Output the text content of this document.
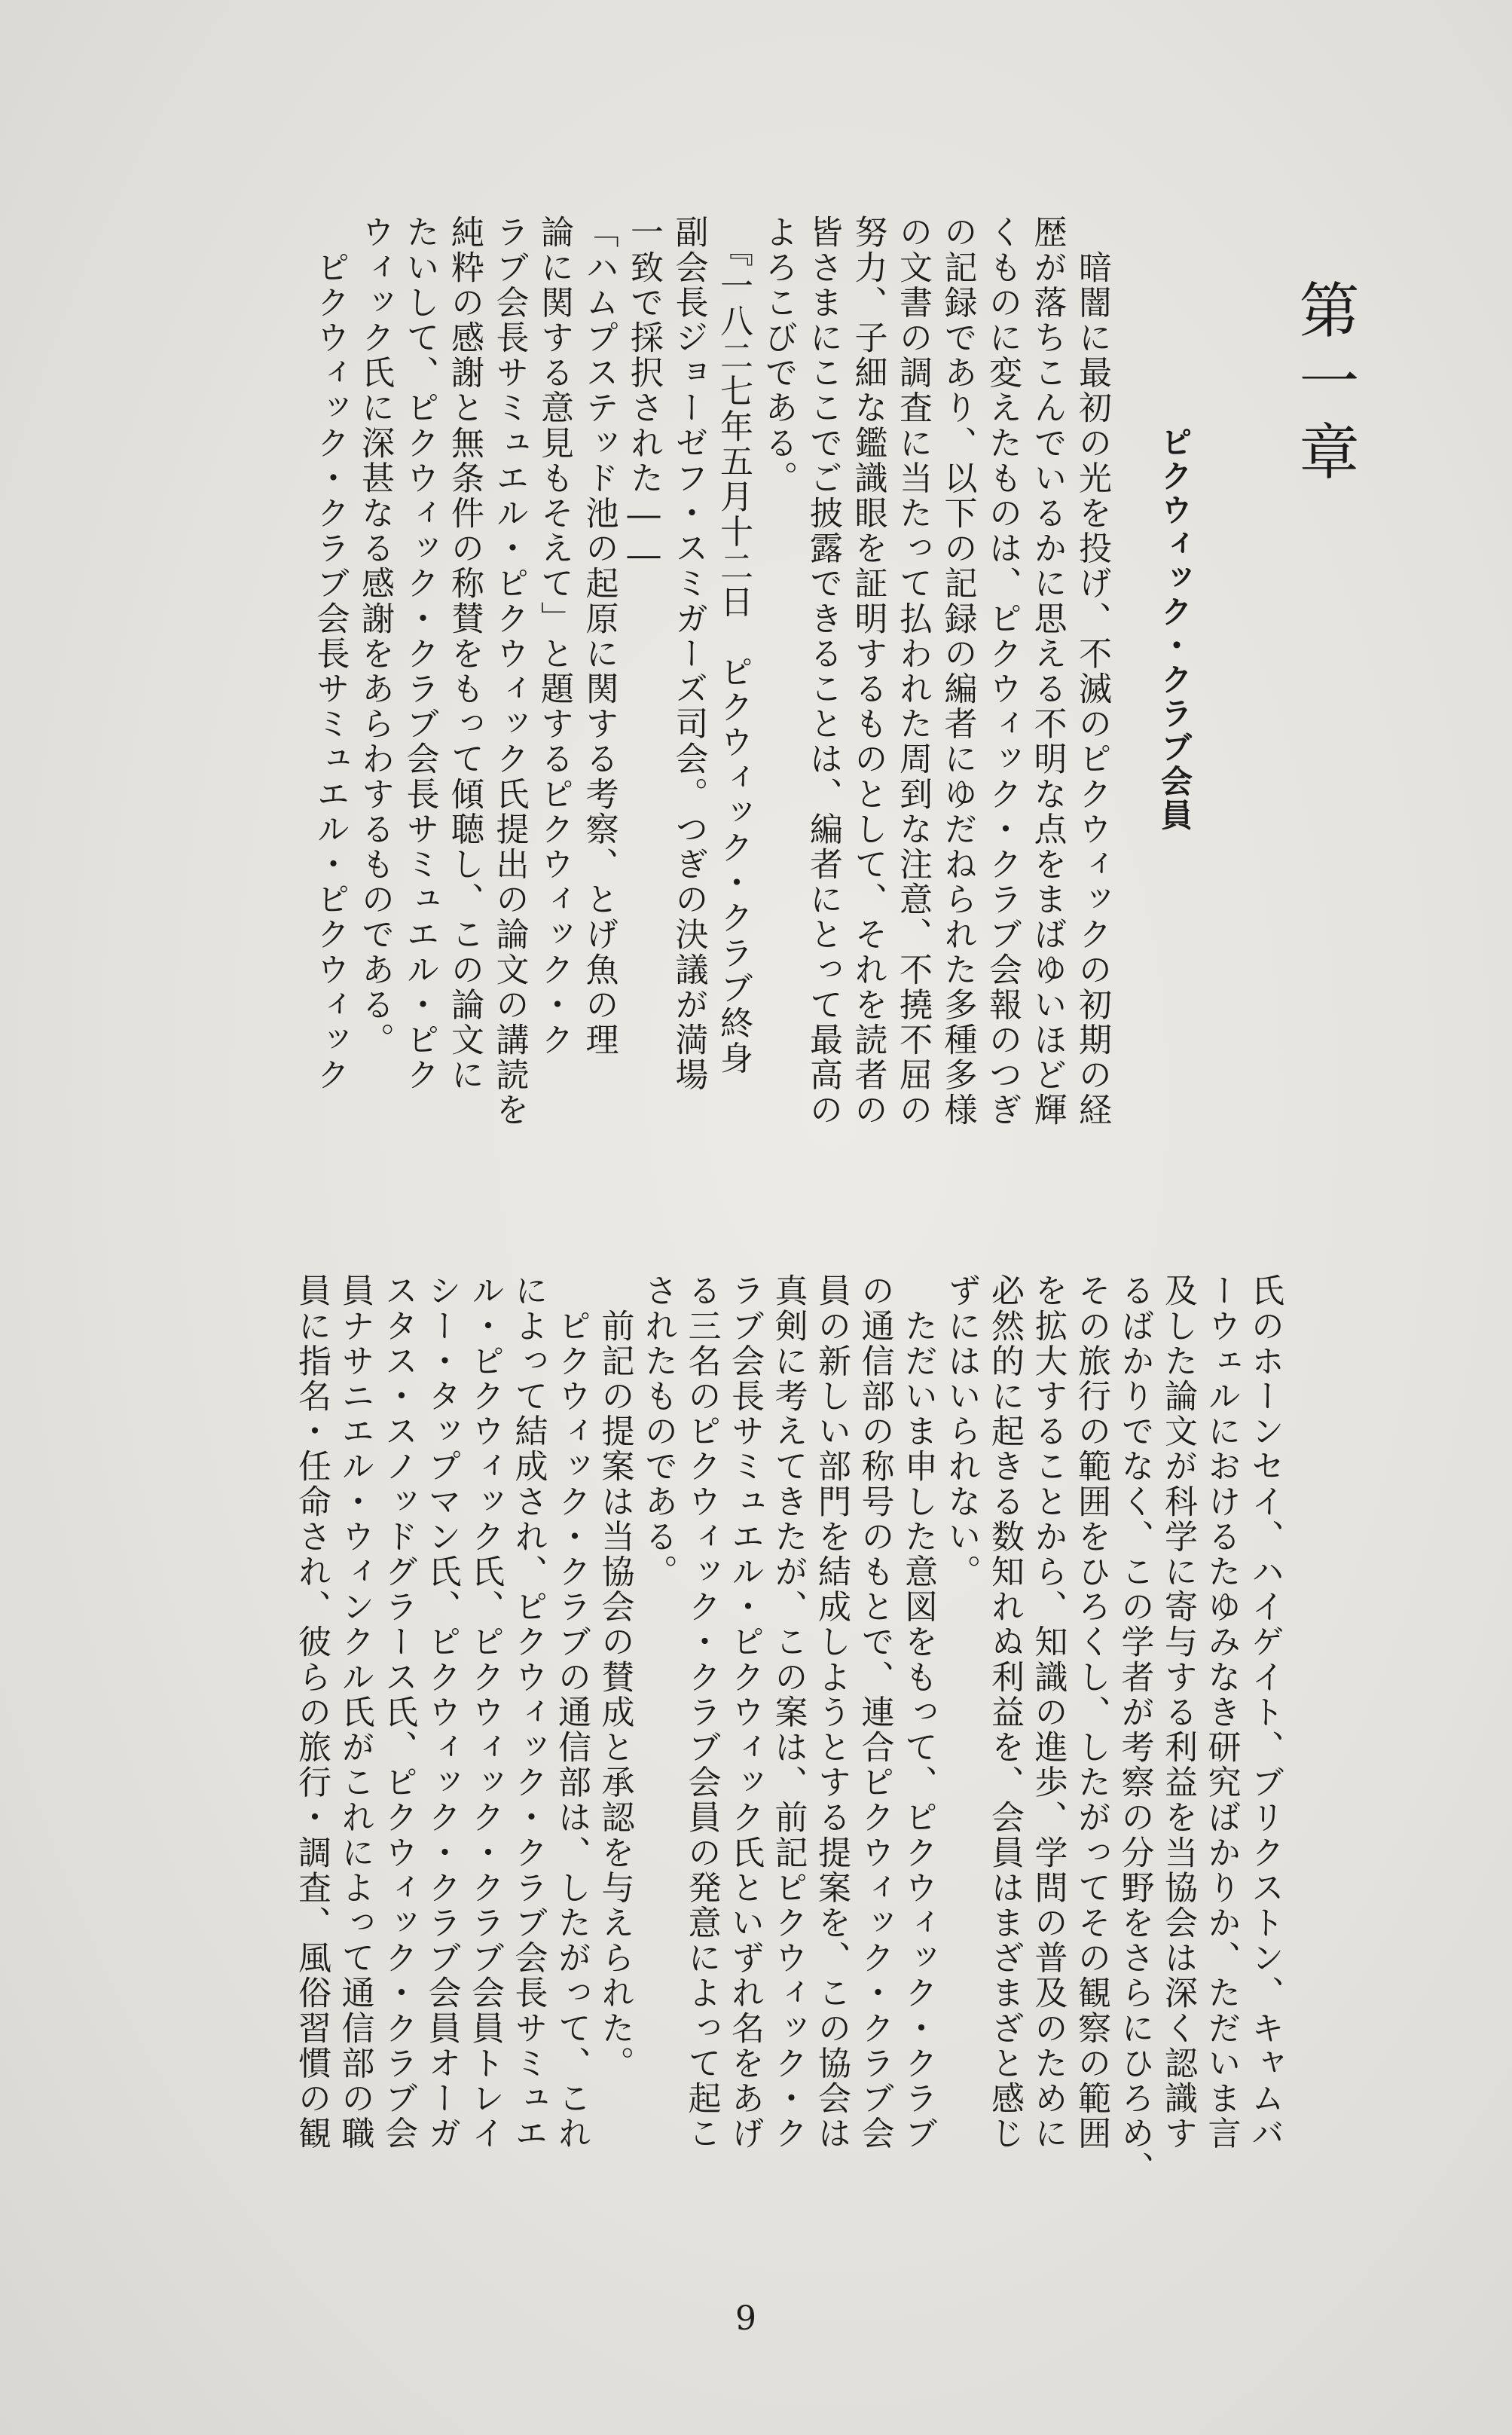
第一章
ピクウィック・クラブ会員
　暗闇に最初の光を投げ、不滅のピクウィックの初期の経
歴が落ちこんでいるかに思える不明な点をまばゆいほど輝
くものに変えたものは、ピクウィック・クラブ会報のつぎ
の記録であり、以下の記録の編者にゆだねられた多種多様
の文書の調査に当たって払われた周到な注意、不撓不屈の
努力、子細な鑑識眼を証明するものとして、それを読者の
皆さまにここでご披露できることは、編者にとって最高の
よろこびである。
　『一八二七年五月十二日　ピクウィック・クラブ終身
副会長ジョーゼフ・スミガーズ司会。つぎの決議が満場
一致で採択された――
「ハムプステッド池の起原に関する考察、とげ魚の理
論に関する意見もそえて」と題するピクウィック・ク
ラブ会長サミュエル・ピクウィック氏提出の論文の講読を
純粋の感謝と無条件の称賛をもって傾聴し、この論文に
たいして、ピクウィック・クラブ会長サミュエル・ピク
ウィック氏に深甚なる感謝をあらわするものである。
　ピクウィック・クラブ会長サミュエル・ピクウィック
氏のホーンセイ、ハイゲイト、ブリクストン、キャムバ
ーウェルにおけるたゆみなき研究ばかりか、ただいま言
及した論文が科学に寄与する利益を当協会は深く認識す
るばかりでなく、この学者が考察の分野をさらにひろめ、
その旅行の範囲をひろくし、したがってその観察の範囲
を拡大することから、知識の進歩、学問の普及のために
必然的に起きる数知れぬ利益を、会員はまざまざと感じ
ずにはいられない。
　ただいま申した意図をもって、ピクウィック・クラブ
の通信部の称号のもとで、連合ピクウィック・クラブ会
員の新しい部門を結成しようとする提案を、この協会は
真剣に考えてきたが、この案は、前記ピクウィック・ク
ラブ会長サミュエル・ピクウィック氏といずれ名をあげ
る三名のピクウィック・クラブ会員の発意によって起こ
されたものである。
　前記の提案は当協会の賛成と承認を与えられた。
　ピクウィック・クラブの通信部は、したがって、これ
によって結成され、ピクウィック・クラブ会長サミュエ
ル・ピクウィック氏、ピクウィック・クラブ会員トレイ
シー・タップマン氏、ピクウィック・クラブ会員オーガ
スタス・スノッドグラース氏、ピクウィック・クラブ会
員ナサニエル・ウィンクル氏がこれによって通信部の職
員に指名・任命され、彼らの旅行・調査、風俗習慣の観
9
